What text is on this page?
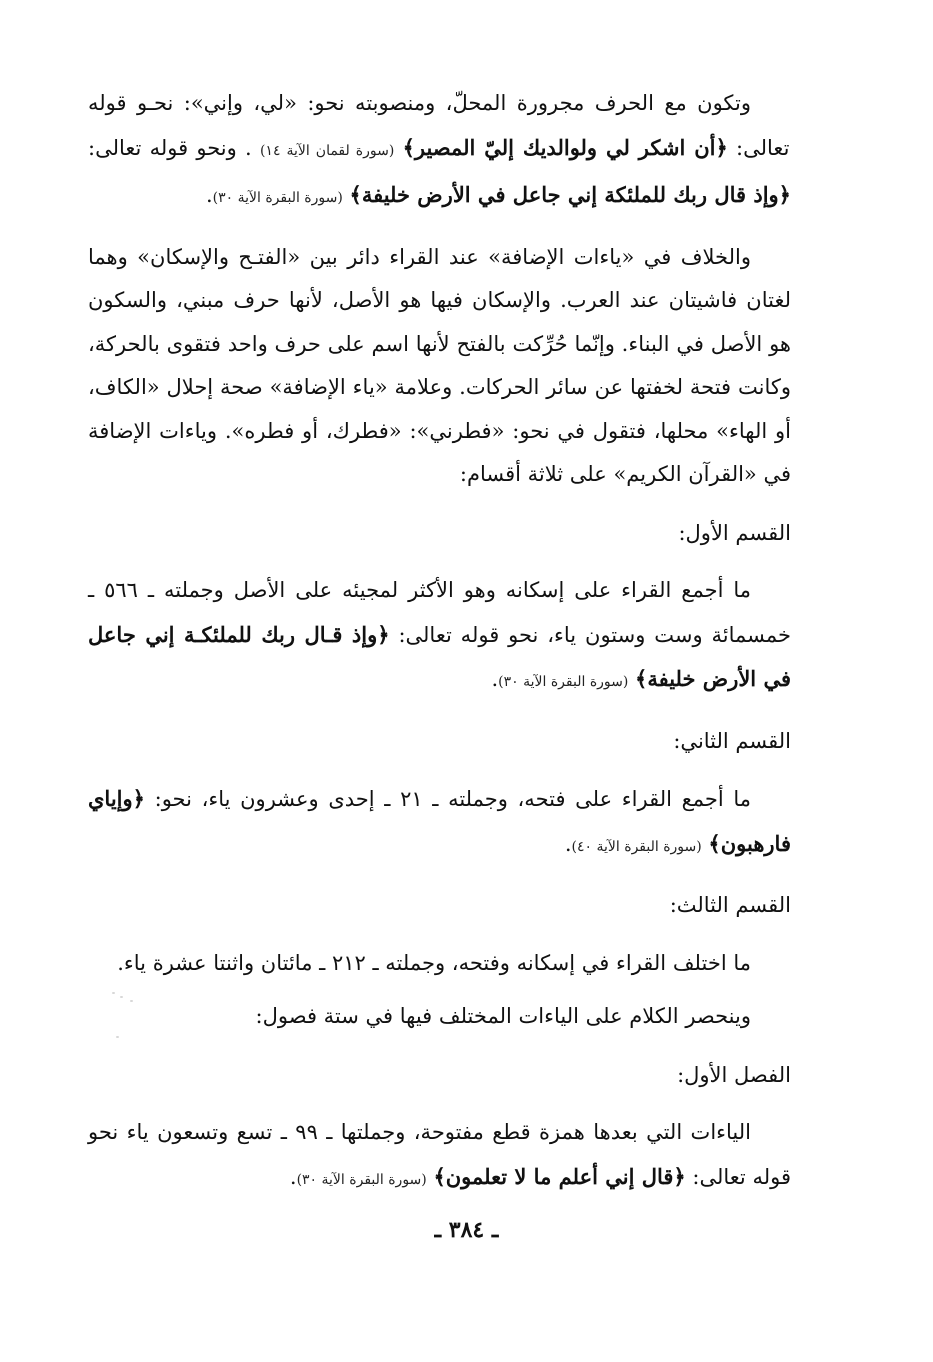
وتكون مع الحرف مجرورة المحلّ، ومنصوبته نحو: «لي، وإني»: نحـو قوله تعالى: ﴿أن اشكر لي ولوالديك إليّ المصير﴾ (سورة لقمان الآية ١٤) . ونحو قوله تعالى: ﴿وإذ قال ربك للملئكة إني جاعل في الأرض خليفة﴾ (سورة البقرة الآية ٣٠).

والخلاف في «ياءات الإضافة» عند القراء دائر بين «الفتـح والإسكان» وهما لغتان فاشيتان عند العرب. والإسكان فيها هو الأصل، لأنها حرف مبني، والسكون هو الأصل في البناء. وإنّما حُرِّكت بالفتح لأنها اسم على حرف واحد فتقوى بالحركة، وكانت فتحة لخفتها عن سائر الحركات. وعلامة «ياء الإضافة» صحة إحلال «الكاف، أو الهاء» محلها، فتقول في نحو: «فطرني»: «فطرك، أو فطره». وياءات الإضافة في «القرآن الكريم» على ثلاثة أقسام:

القسم الأول:

ما أجمع القراء على إسكانه وهو الأكثر لمجيئه على الأصل وجملته ـ ٥٦٦ ـ خمسمائة وست وستون ياء، نحو قوله تعالى: ﴿وإذ قـال ربك للملئكـة إني جاعل في الأرض خليفة﴾ (سورة البقرة الآية ٣٠).

القسم الثاني:

ما أجمع القراء على فتحه، وجملته ـ ٢١ ـ إحدى وعشرون ياء، نحو: ﴿وإياي فارهبون﴾ (سورة البقرة الآية ٤٠).

القسم الثالث:

ما اختلف القراء في إسكانه وفتحه، وجملته ـ ٢١٢ ـ مائتان واثنتا عشرة ياء.

وينحصر الكلام على الياءات المختلف فيها في ستة فصول:

الفصل الأول:

الياءات التي بعدها همزة قطع مفتوحة، وجملتها ـ ٩٩ ـ تسع وتسعون ياء نحو قوله تعالى: ﴿قال إني أعلم ما لا تعلمون﴾ (سورة البقرة الآية ٣٠).

ـ ٣٨٤ ـ
